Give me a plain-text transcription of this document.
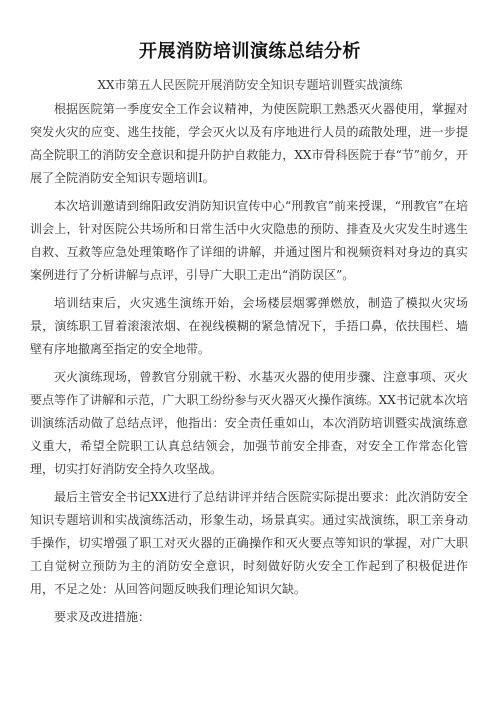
开展消防培训演练总结分析
XX市第五人民医院开展消防安全知识专题培训暨实战演练

根据医院第一季度安全工作会议精神，为使医院职工熟悉灭火器使用，掌握对突发火灾的应变、逃生技能，学会灭火以及有序地进行人员的疏散处理，进一步提高全院职工的消防安全意识和提升防护自救能力，XX市骨科医院于春“节”前夕，开展了全院消防安全知识专题培训I。

本次培训邀请到绵阳政安消防知识宣传中心“刑教官”前来授课，“刑教官”在培训会上，针对医院公共场所和日常生活中火灾隐患的预防、排查及火灾发生时逃生自救、互救等应急处理策略作了详细的讲解，并通过图片和视频资料对身边的真实案例进行了分析讲解与点评，引导广大职工走出“消防误区”。

培训结束后，火灾逃生演练开始，会场楼层烟雾弹燃放，制造了模拟火灾场景，演练职工冒着滚滚浓烟、在视线模糊的紧急情况下，手捂口鼻，依扶围栏、墙壁有序地撤离至指定的安全地带。

灭火演练现场，曾教官分别就干粉、水基灭火器的使用步骤、注意事项、灭火要点等作了讲解和示范，广大职工纷纷参与灭火器灭火操作演练。XX书记就本次培训演练活动做了总结点评，他指出：安全责任重如山，本次消防培训暨实战演练意义重大，希望全院职工认真总结领会，加强节前安全排查，对安全工作常态化管理，切实打好消防安全持久攻坚战。

最后主管安全书记XX进行了总结讲评并结合医院实际提出要求：此次消防安全知识专题培训和实战演练活动，形象生动，场景真实。通过实战演练，职工亲身动手操作，切实增强了职工对灭火器的正确操作和灭火要点等知识的掌握，对广大职工自觉树立预防为主的消防安全意识，时刻做好防火安全工作起到了积极促进作用，不足之处：从回答问题反映我们理论知识欠缺。

要求及改进措施：
